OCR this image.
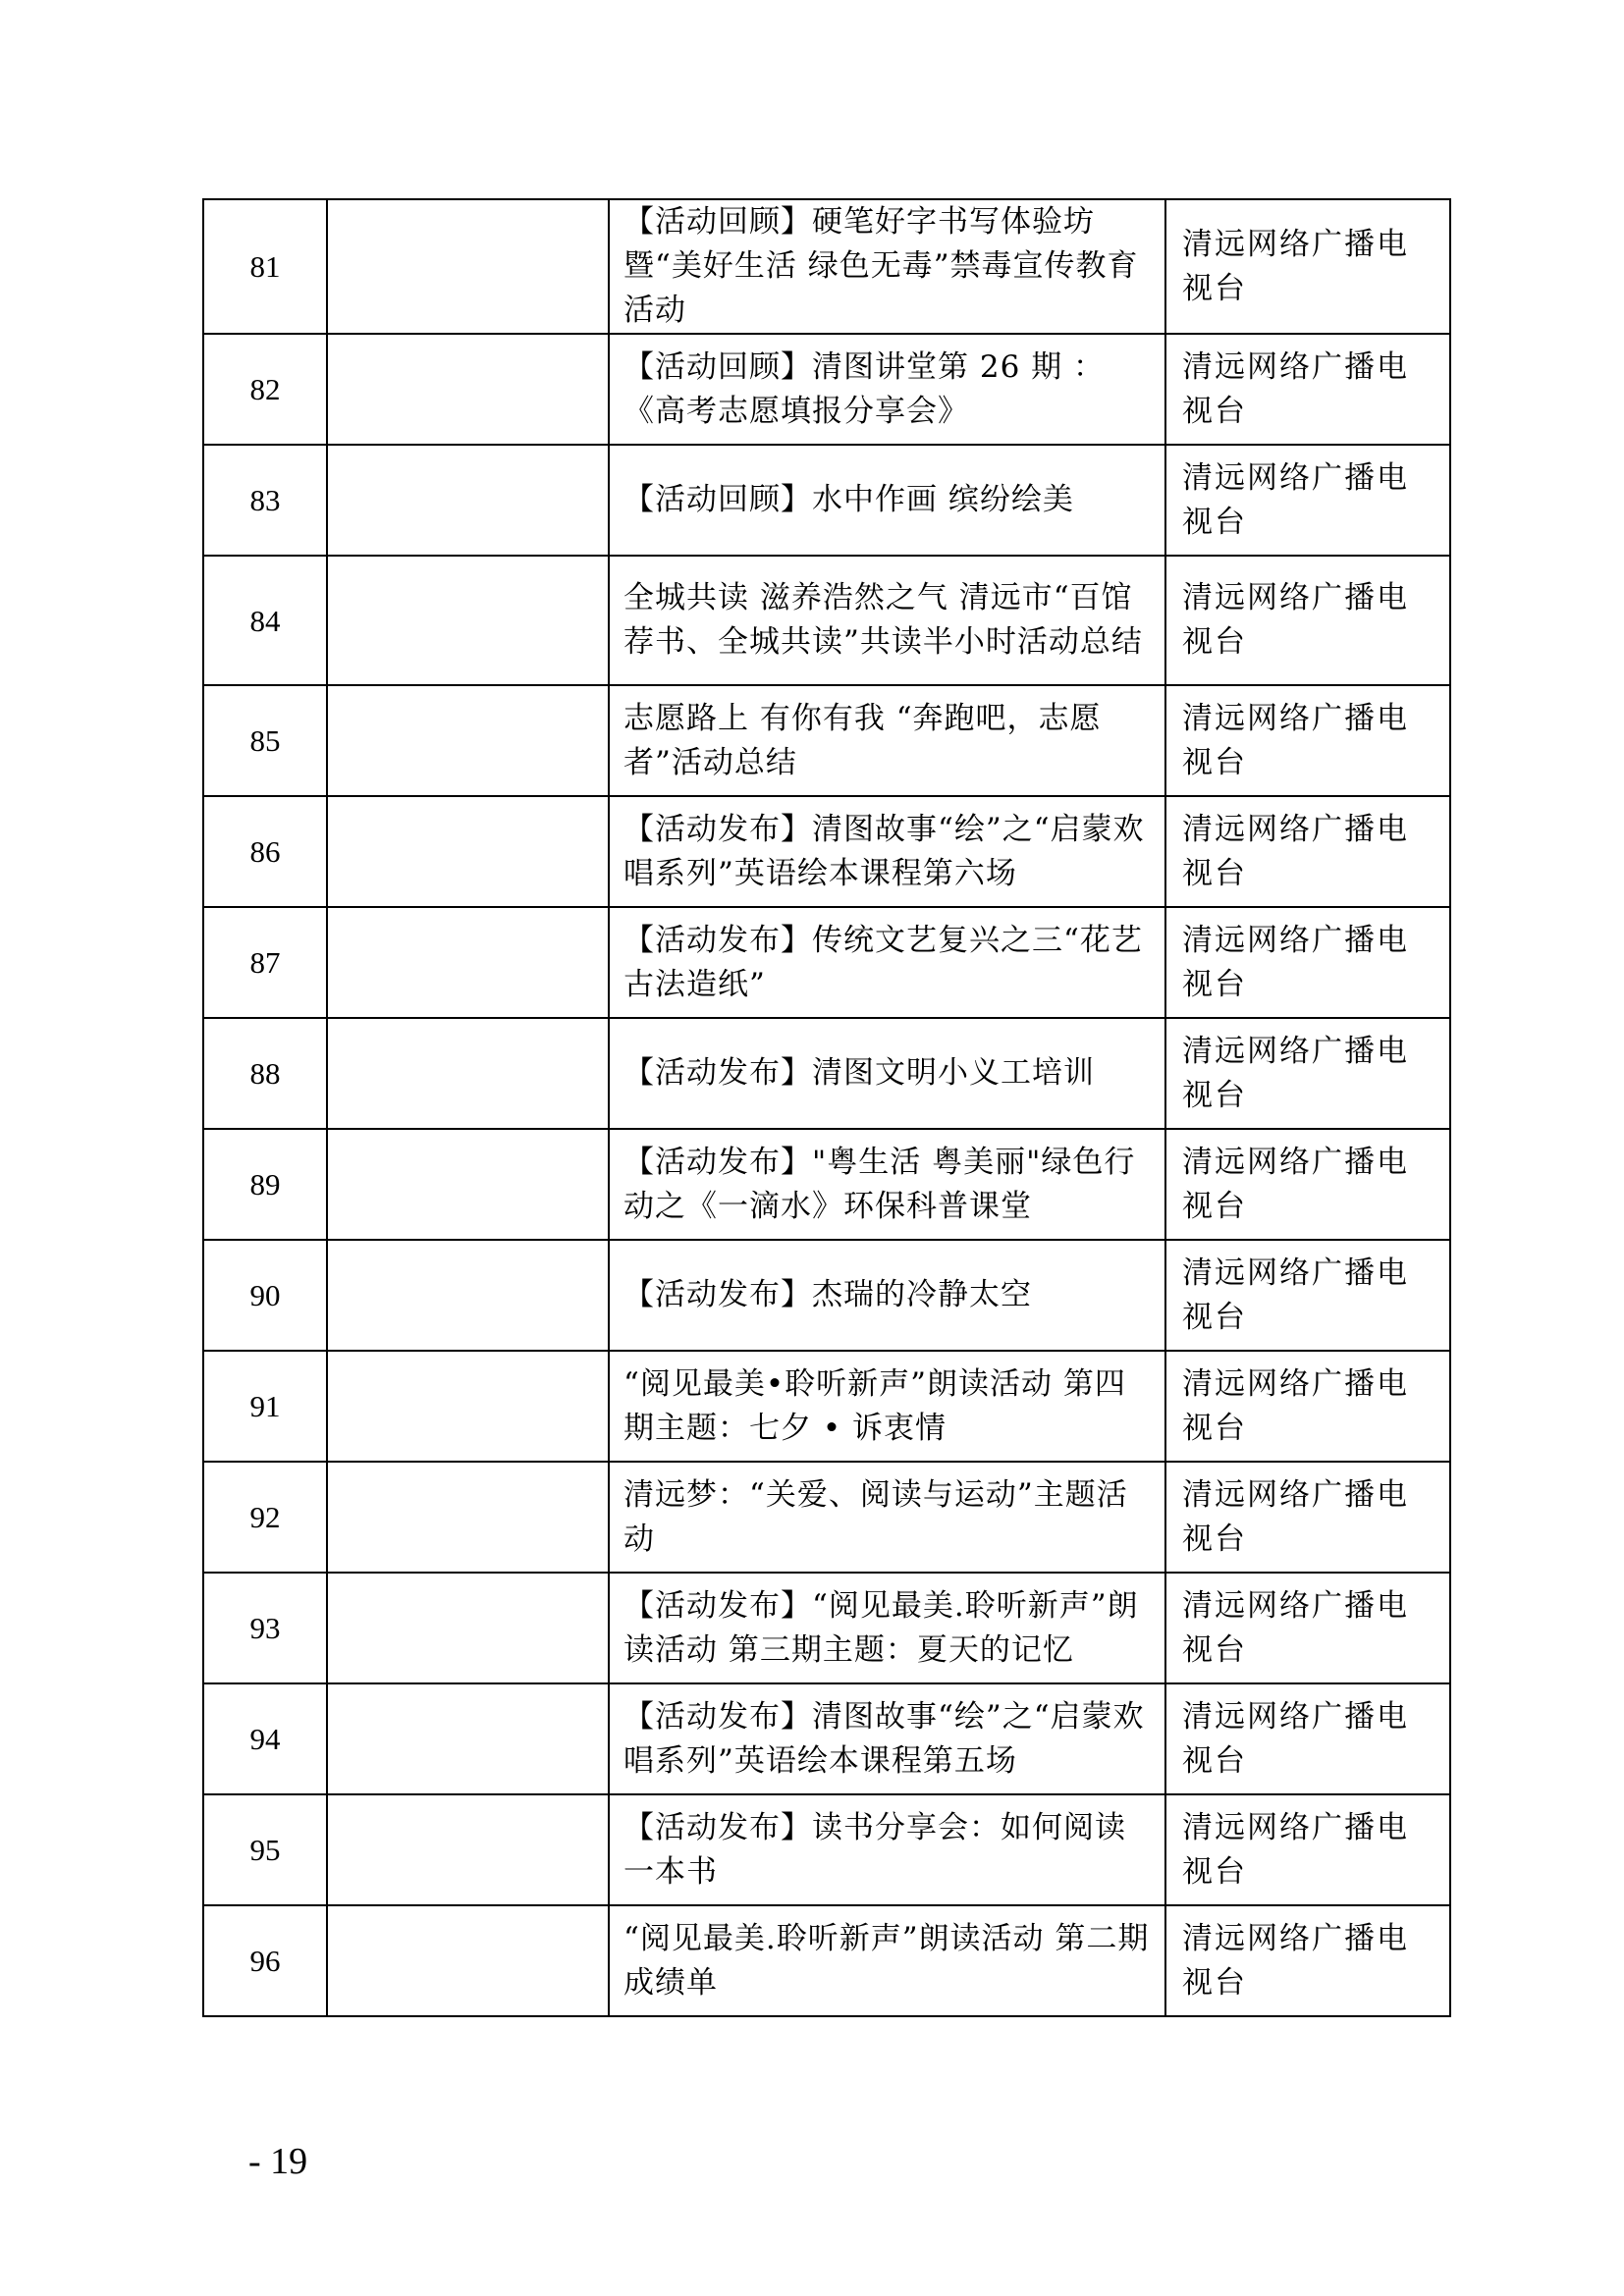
81		【活动回顾】硬笔好字书写体验坊暨“美好生活 绿色无毒”禁毒宣传教育活动	清远网络广播电视台
82		【活动回顾】清图讲堂第 26 期 ：《高考志愿填报分享会》	清远网络广播电视台
83		【活动回顾】水中作画 缤纷绘美	清远网络广播电视台
84		全城共读 滋养浩然之气 清远市“百馆荐书、全城共读”共读半小时活动总结	清远网络广播电视台
85		志愿路上 有你有我 “奔跑吧，志愿者”活动总结	清远网络广播电视台
86		【活动发布】清图故事“绘”之“启蒙欢唱系列”英语绘本课程第六场	清远网络广播电视台
87		【活动发布】传统文艺复兴之三“花艺古法造纸”	清远网络广播电视台
88		【活动发布】清图文明小义工培训	清远网络广播电视台
89		【活动发布】"粤生活 粤美丽"绿色行动之《一滴水》环保科普课堂	清远网络广播电视台
90		【活动发布】杰瑞的冷静太空	清远网络广播电视台
91		“阅见最美•聆听新声”朗读活动 第四期主题：七夕 • 诉衷情	清远网络广播电视台
92		清远梦：“关爱、阅读与运动”主题活动	清远网络广播电视台
93		【活动发布】“阅见最美.聆听新声”朗读活动 第三期主题：夏天的记忆	清远网络广播电视台
94		【活动发布】清图故事“绘”之“启蒙欢唱系列”英语绘本课程第五场	清远网络广播电视台
95		【活动发布】读书分享会：如何阅读一本书	清远网络广播电视台
96		“阅见最美.聆听新声”朗读活动 第二期成绩单	清远网络广播电视台
- 19
